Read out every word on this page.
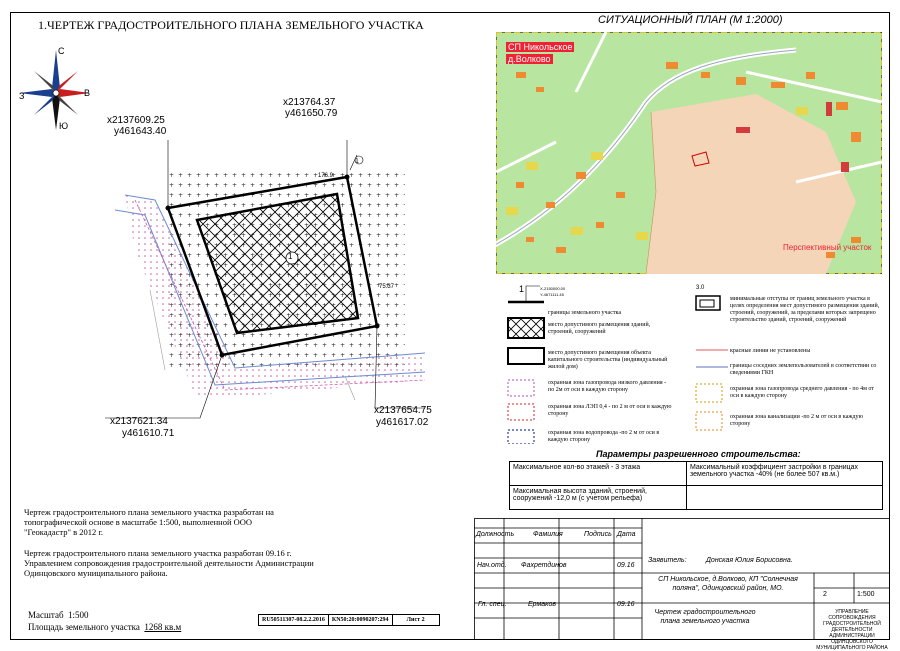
1.ЧЕРТЕЖ ГРАДОСТРОИТЕЛЬНОГО ПЛАНА ЗЕМЕЛЬНОГО УЧАСТКА
С
Ю
З	В
1
1
75.37
176.9
x2137609.25
y461643.40
x213764.37
y461650.79
x2137621.34
y461610.71
x2137654.75
y461617.02
СИТУАЦИОННЫЙ ПЛАН (М 1:2000)
СП Никольское
д.Волково
Перспективный участок
1	X-2150000.00
Y-4671111.45
границы земельного участка
место допустимого размещения зданий, строений, сооружений
место допустимого размещения объекта капитального строительства (индивидуальный жилой дом)
охранная зона газопровода низкого давления - по 2м от оси в каждую сторону
охранная зона ЛЭП 0,4 - по 2 м от оси в каждую сторону
охранная зона водопровода -по 2 м от оси в каждую сторону
3.0
минимальные отступы от границ земельного участка в целях определения мест допустимого размещения зданий, строений, сооружений, за пределами которых запрещено строительство зданий, строений, сооружений
красные линии не установлены
границы соседних землепользователей в соответствии со сведениями ГКН
охранная зона газопровода среднего давления - по 4м от оси в каждую сторону
охранная зона канализации -по 2 м от оси в каждую сторону
Параметры разрешенного строительства:
Максимальное кол-во этажей - 3 этажа	Максимальный коэффициент застройки в границах земельного участка -40% (не более 507 кв.м.)
Максимальная высота зданий, строений, сооружений -12,0 м (с учетом рельефа)	
Чертеж градостроительного плана земельного участка разработан на топографической основе в масштабе 1:500, выполненной ООО "Геокадастр" в 2012 г.
Чертеж градостроительного плана земельного участка разработан 09.16 г. Управлением сопровождения градостроительной деятельности Администрации Одинцовского муниципального района.
Масштаб 1:500
Площадь земельного участка 1268 кв.м
RU50511307-08.2.2.2016	КN50:20:0090207:294	Лист 2
Должность	Фамилия	Подпись Дата
Нач.отд. Фахретдинов	09.16
Гл. спец.	Ермаков	09.16
Заявитель:	Донская Юлия Борисовна.
СП Никольское, д.Волково, КП "Солнечная поляна", Одинцовский район, МО.
2	1:500
Чертеж градостроительного плана земельного участка
УПРАВЛЕНИЕ СОПРОВОЖДЕНИЯ ГРАДОСТРОИТЕЛЬНОЙ ДЕЯТЕЛЬНОСТИ АДМИНИСТРАЦИИ ОДИНЦОВСКОГО МУНИЦИПАЛЬНОГО РАЙОНА
